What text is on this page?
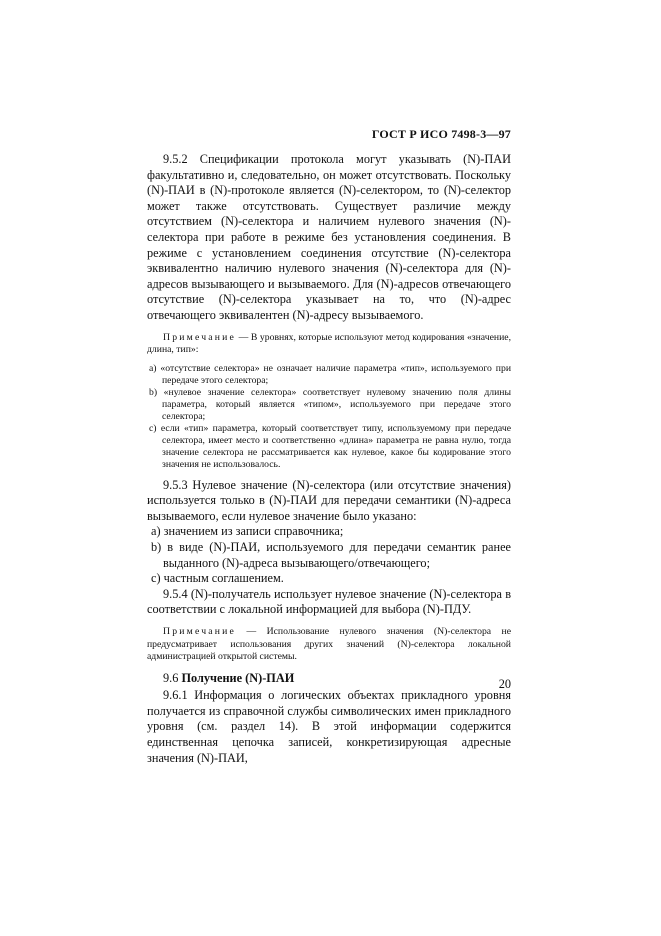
ГОСТ Р ИСО 7498-3—97

9.5.2 Спецификации протокола могут указывать (N)-ПАИ факультативно и, следовательно, он может отсутствовать. Поскольку (N)-ПАИ в (N)-протоколе является (N)-селектором, то (N)-селектор может также отсутствовать. Существует различие между отсутствием (N)-селектора и наличием нулевого значения (N)-селектора при работе в режиме без установления соединения. В режиме с установлением соединения отсутствие (N)-селектора эквивалентно наличию нулевого значения (N)-селектора для (N)-адресов вызывающего и вызываемого. Для (N)-адресов отвечающего отсутствие (N)-селектора указывает на то, что (N)-адрес отвечающего эквивалентен (N)-адресу вызываемого.

Примечание — В уровнях, которые используют метод кодирования «значение, длина, тип»:

a) «отсутствие селектора» не означает наличие параметра «тип», используемого при передаче этого селектора;
b) «нулевое значение селектора» соответствует нулевому значению поля длины параметра, который является «типом», используемого при передаче этого селектора;
c) если «тип» параметра, который соответствует типу, используемому при передаче селектора, имеет место и соответственно «длина» параметра не равна нулю, тогда значение селектора не рассматривается как нулевое, какое бы кодирование этого значения не использовалось.

9.5.3 Нулевое значение (N)-селектора (или отсутствие значения) используется только в (N)-ПАИ для передачи семантики (N)-адреса вызываемого, если нулевое значение было указано:

a) значением из записи справочника;
b) в виде (N)-ПАИ, используемого для передачи семантик ранее выданного (N)-адреса вызывающего/отвечающего;
c) частным соглашением.

9.5.4 (N)-получатель использует нулевое значение (N)-селектора в соответствии с локальной информацией для выбора (N)-ПДУ.

Примечание — Использование нулевого значения (N)-селектора не предусматривает использования других значений (N)-селектора локальной администрацией открытой системы.

9.6 Получение (N)-ПАИ

9.6.1 Информация о логических объектах прикладного уровня получается из справочной службы символических имен прикладного уровня (см. раздел 14). В этой информации содержится единственная цепочка записей, конкретизирующая адресные значения (N)-ПАИ,

20
